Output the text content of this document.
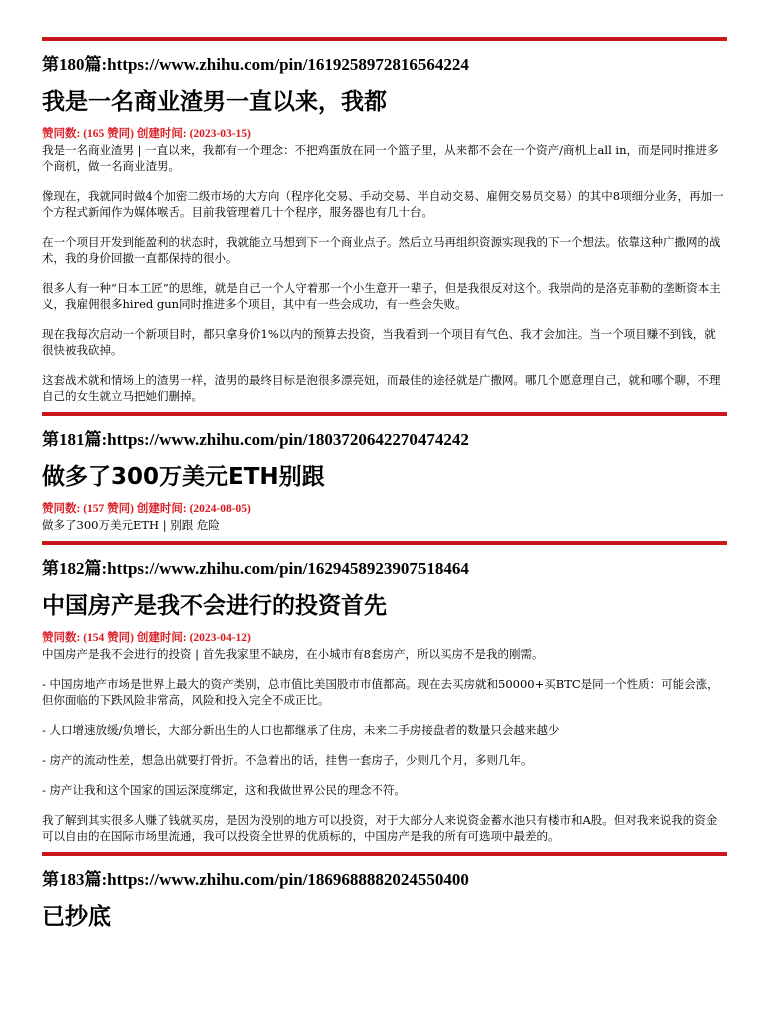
第180篇:https://www.zhihu.com/pin/1619258972816564224

我是一名商业渣男一直以来，我都

赞同数: (165 赞同) 创建时间: (2023-03-15)

我是一名商业渣男 | 一直以来，我都有一个理念：不把鸡蛋放在同一个篮子里，从来都不会在一个资产/商机上all in，而是同时推进多个商机，做一名商业渣男。

像现在，我就同时做4个加密二级市场的大方向（程序化交易、手动交易、半自动交易、雇佣交易员交易）的其中8项细分业务，再加一个方程式新闻作为媒体喉舌。目前我管理着几十个程序，服务器也有几十台。

在一个项目开发到能盈利的状态时，我就能立马想到下一个商业点子。然后立马再组织资源实现我的下一个想法。依靠这种广撒网的战术，我的身价回撤一直都保持的很小。

很多人有一种“日本工匠”的思维，就是自己一个人守着那一个小生意开一辈子，但是我很反对这个。我崇尚的是洛克菲勒的垄断资本主义，我雇佣很多hired gun同时推进多个项目，其中有一些会成功，有一些会失败。

现在我每次启动一个新项目时，都只拿身价1%以内的预算去投资，当我看到一个项目有气色、我才会加注。当一个项目赚不到钱，就很快被我砍掉。

这套战术就和情场上的渣男一样，渣男的最终目标是泡很多漂亮妞，而最佳的途径就是广撒网。哪几个愿意理自己，就和哪个聊，不理自己的女生就立马把她们删掉。

第181篇:https://www.zhihu.com/pin/1803720642270474242

做多了300万美元ETH别跟

赞同数: (157 赞同) 创建时间: (2024-08-05)

做多了300万美元ETH | 别跟 危险

第182篇:https://www.zhihu.com/pin/1629458923907518464

中国房产是我不会进行的投资首先

赞同数: (154 赞同) 创建时间: (2023-04-12)

中国房产是我不会进行的投资 | 首先我家里不缺房，在小城市有8套房产，所以买房不是我的刚需。

- 中国房地产市场是世界上最大的资产类别，总市值比美国股市市值都高。现在去买房就和50000+买BTC是同一个性质：可能会涨，但你面临的下跌风险非常高，风险和投入完全不成正比。

- 人口增速放缓/负增长，大部分新出生的人口也都继承了住房，未来二手房接盘者的数量只会越来越少

- 房产的流动性差，想急出就要打骨折。不急着出的话，挂售一套房子，少则几个月，多则几年。

- 房产让我和这个国家的国运深度绑定，这和我做世界公民的理念不符。

我了解到其实很多人赚了钱就买房，是因为没别的地方可以投资，对于大部分人来说资金蓄水池只有楼市和A股。但对我来说我的资金可以自由的在国际市场里流通，我可以投资全世界的优质标的，中国房产是我的所有可选项中最差的。

第183篇:https://www.zhihu.com/pin/1869688882024550400

已抄底
